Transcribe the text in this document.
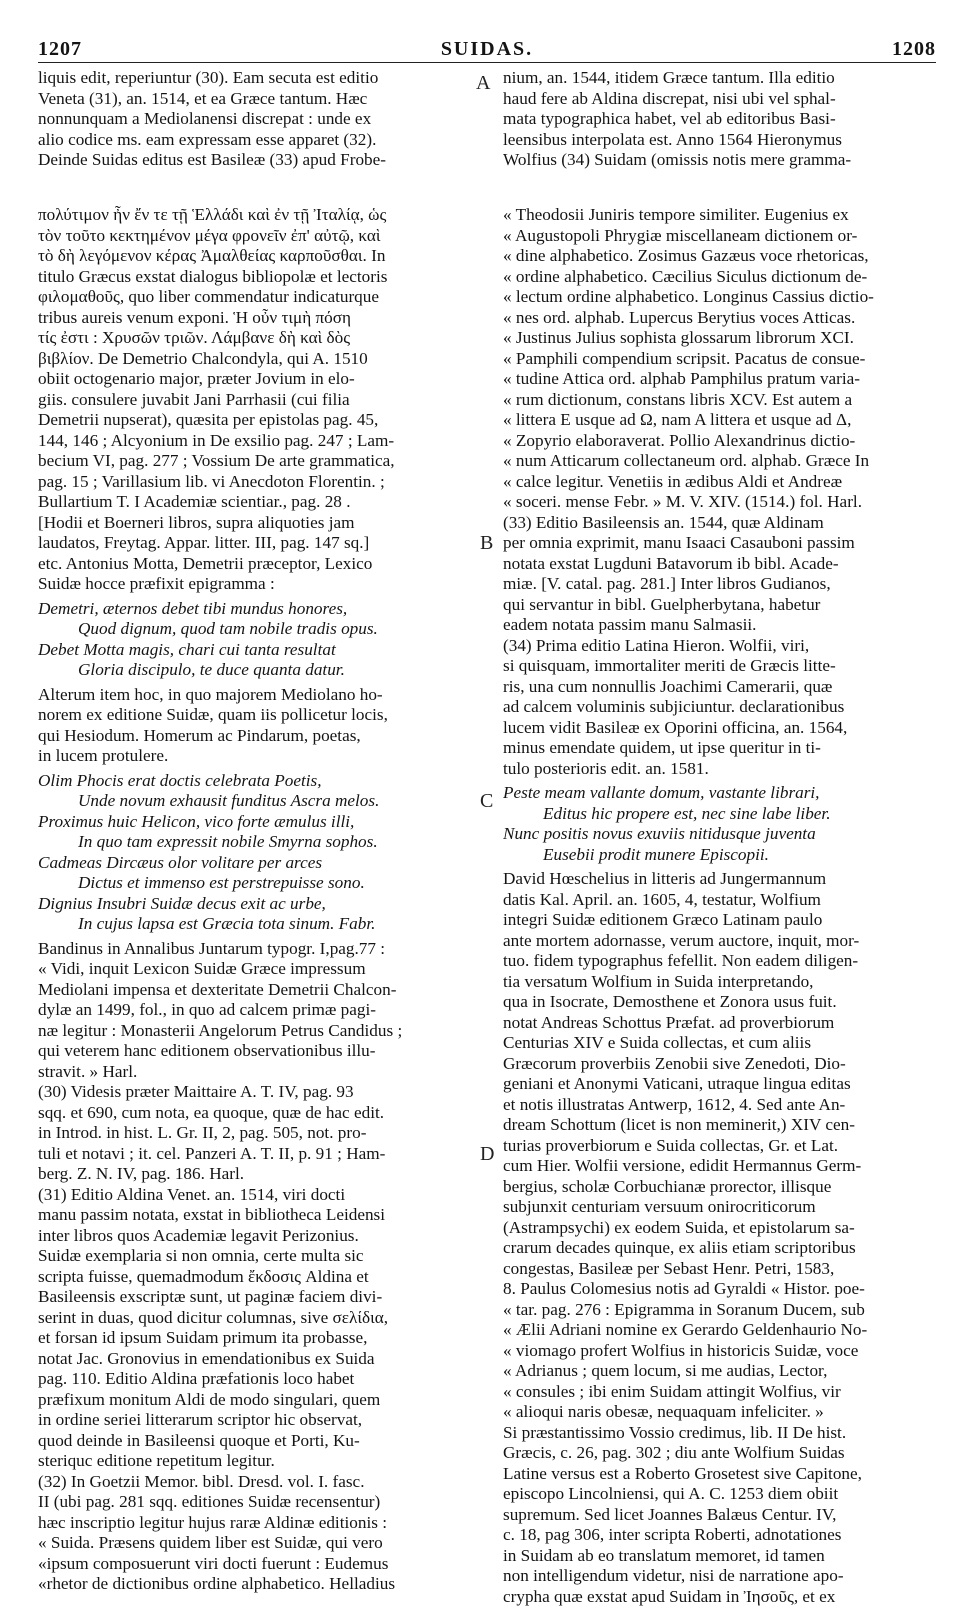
1207	SUIDAS.	1208
A
B
C
D
liquis edit, reperiuntur (30). Eam secuta est editio
Veneta (31), an. 1514, et ea Græce tantum. Hæc
nonnunquam a Mediolanensi discrepat : unde ex
alio codice ms. eam expressam esse apparet (32).
Deinde Suidas editus est Basileæ (33) apud Frobe-
nium, an. 1544, itidem Græce tantum. Illa editio
haud fere ab Aldina discrepat, nisi ubi vel sphal-
mata typographica habet, vel ab editoribus Basi-
leensibus interpolata est. Anno 1564 Hieronymus
Wolfius (34) Suidam (omissis notis mere gramma-
πολύτιμον ἦν ἔν τε τῇ Ἑλλάδι καὶ ἐν τῇ Ἰταλίᾳ, ὡς
τὸν τοῦτο κεκτημένον μέγα φρονεῖν ἐπ' αὐτῷ, καὶ
τὸ δὴ λεγόμενον κέρας Ἀμαλθείας καρποῦσθαι. In
titulo Græcus exstat dialogus bibliopolæ et lectoris
φιλομαθοῦς, quo liber commendatur indicaturque
tribus aureis venum exponi. Ἡ οὖν τιμὴ πόση
τίς ἐστι : Χρυσῶν τριῶν. Λάμβανε δὴ καὶ δὸς
βιβλίον. De Demetrio Chalcondyla, qui A. 1510
obiit octogenario major, præter Jovium in elo-
giis. consulere juvabit Jani Parrhasii (cui filia
Demetrii nupserat), quæsita per epistolas pag. 45,
144, 146 ; Alcyonium in De exsilio pag. 247 ; Lam-
becium VI, pag. 277 ; Vossium De arte grammatica,
pag. 15 ; Varillasium lib. vi Anecdoton Florentin. ;
Bullartium T. I Academiæ scientiar., pag. 28 .
[Hodii et Boerneri libros, supra aliquoties jam
laudatos, Freytag. Appar. litter. III, pag. 147 sq.]
etc. Antonius Motta, Demetrii præceptor, Lexico
Suidæ hocce præfixit epigramma :
Demetri, æternos debet tibi mundus honores,
Quod dignum, quod tam nobile tradis opus.
Debet Motta magis, chari cui tanta resultat
Gloria discipulo, te duce quanta datur.
Alterum item hoc, in quo majorem Mediolano ho-
norem ex editione Suidæ, quam iis pollicetur locis,
qui Hesiodum. Homerum ac Pindarum, poetas,
in lucem protulere.
Olim Phocis erat doctis celebrata Poetis,
Unde novum exhausit funditus Ascra melos.
Proximus huic Helicon, vico forte æmulus illi,
In quo tam expressit nobile Smyrna sophos.
Cadmeas Dircæus olor volitare per arces
Dictus et immenso est perstrepuisse sono.
Dignius Insubri Suidæ decus exit ac urbe,
In cujus lapsa est Græcia tota sinum. Fabr.
Bandinus in Annalibus Juntarum typogr. I,pag.77 :
« Vidi, inquit Lexicon Suidæ Græce impressum
Mediolani impensa et dexteritate Demetrii Chalcon-
dylæ an 1499, fol., in quo ad calcem primæ pagi-
næ legitur : Monasterii Angelorum Petrus Candidus ;
qui veterem hanc editionem observationibus illu-
stravit. » Harl.
(30) Videsis præter Maittaire A. T. IV, pag. 93
sqq. et 690, cum nota, ea quoque, quæ de hac edit.
in Introd. in hist. L. Gr. II, 2, pag. 505, not. pro-
tuli et notavi ; it. cel. Panzeri A. T. II, p. 91 ; Ham-
berg. Z. N. IV, pag. 186. Harl.
(31) Editio Aldina Venet. an. 1514, viri docti
manu passim notata, exstat in bibliotheca Leidensi
inter libros quos Academiæ legavit Perizonius.
Suidæ exemplaria si non omnia, certe multa sic
scripta fuisse, quemadmodum ἔκδοσις Aldina et
Basileensis exscriptæ sunt, ut paginæ faciem divi-
serint in duas, quod dicitur columnas, sive σελίδια,
et forsan id ipsum Suidam primum ita probasse,
notat Jac. Gronovius in emendationibus ex Suida
pag. 110. Editio Aldina præfationis loco habet
præfixum monitum Aldi de modo singulari, quem
in ordine seriei litterarum scriptor hic observat,
quod deinde in Basileensi quoque et Porti, Ku-
steriquc editione repetitum legitur.
(32) In Goetzii Memor. bibl. Dresd. vol. I. fasc.
II (ubi pag. 281 sqq. editiones Suidæ recensentur)
hæc inscriptio legitur hujus raræ Aldinæ editionis :
« Suida. Præsens quidem liber est Suidæ, qui vero
«ipsum composuerunt viri docti fuerunt : Eudemus
«rhetor de dictionibus ordine alphabetico. Helladius
« Theodosii Juniris tempore similiter. Eugenius ex
« Augustopoli Phrygiæ miscellaneam dictionem or-
« dine alphabetico. Zosimus Gazæus voce rhetoricas,
« ordine alphabetico. Cæcilius Siculus dictionum de-
« lectum ordine alphabetico. Longinus Cassius dictio-
« nes ord. alphab. Lupercus Berytius voces Atticas.
« Justinus Julius sophista glossarum librorum XCI.
« Pamphili compendium scripsit. Pacatus de consue-
« tudine Attica ord. alphab Pamphilus pratum varia-
« rum dictionum, constans libris XCV. Est autem a
« littera E usque ad Ω, nam A littera et usque ad Δ,
« Zopyrio elaboraverat. Pollio Alexandrinus dictio-
« num Atticarum collectaneum ord. alphab. Græce In
« calce legitur. Venetiis in ædibus Aldi et Andreæ
« soceri. mense Febr. » M. V. XIV. (1514.) fol. Harl.
(33) Editio Basileensis an. 1544, quæ Aldinam
per omnia exprimit, manu Isaaci Casauboni passim
notata exstat Lugduni Batavorum ib bibl. Acade-
miæ. [V. catal. pag. 281.] Inter libros Gudianos,
qui servantur in bibl. Guelpherbytana, habetur
eadem notata passim manu Salmasii.
(34) Prima editio Latina Hieron. Wolfii, viri,
si quisquam, immortaliter meriti de Græcis litte-
ris, una cum nonnullis Joachimi Camerarii, quæ
ad calcem voluminis subjiciuntur. declarationibus
lucem vidit Basileæ ex Oporini officina, an. 1564,
minus emendate quidem, ut ipse queritur in ti-
tulo posterioris edit. an. 1581.
Peste meam vallante domum, vastante librari,
Editus hic propere est, nec sine labe liber.
Nunc positis novus exuviis nitidusque juventa
Eusebii prodit munere Episcopii.
David Hœschelius in litteris ad Jungermannum
datis Kal. April. an. 1605, 4, testatur, Wolfium
integri Suidæ editionem Græco Latinam paulo
ante mortem adornasse, verum auctore, inquit, mor-
tuo. fidem typographus fefellit. Non eadem diligen-
tia versatum Wolfium in Suida interpretando,
qua in Isocrate, Demosthene et Zonora usus fuit.
notat Andreas Schottus Præfat. ad proverbiorum
Centurias XIV e Suida collectas, et cum aliis
Græcorum proverbiis Zenobii sive Zenedoti, Dio-
geniani et Anonymi Vaticani, utraque lingua editas
et notis illustratas Antwerp, 1612, 4. Sed ante An-
dream Schottum (licet is non meminerit,) XIV cen-
turias proverbiorum e Suida collectas, Gr. et Lat.
cum Hier. Wolfii versione, edidit Hermannus Germ-
bergius, scholæ Corbuchianæ prorector, illisque
subjunxit centuriam versuum onirocriticorum
(Astrampsychi) ex eodem Suida, et epistolarum sa-
crarum decades quinque, ex aliis etiam scriptoribus
congestas, Basileæ per Sebast Henr. Petri, 1583,
8. Paulus Colomesius notis ad Gyraldi « Histor. poe-
« tar. pag. 276 : Epigramma in Soranum Ducem, sub
« Ælii Adriani nomine ex Gerardo Geldenhaurio No-
« viomago profert Wolfius in historicis Suidæ, voce
« Adrianus ; quem locum, si me audias, Lector,
« consules ; ibi enim Suidam attingit Wolfius, vir
« alioqui naris obesæ, nequaquam infeliciter. »
Si præstantissimo Vossio credimus, lib. II De hist.
Græcis, c. 26, pag. 302 ; diu ante Wolfium Suidas
Latine versus est a Roberto Grosetest sive Capitone,
episcopo Lincolniensi, qui A. C. 1253 diem obiit
supremum. Sed licet Joannes Balæus Centur. IV,
c. 18, pag 306, inter scripta Roberti, adnotationes
in Suidam ab eo translatum memoret, id tamen
non intelligendum videtur, nisi de narratione apo-
crypha quæ exstat apud Suidam in Ἰησοῦς, et ex
